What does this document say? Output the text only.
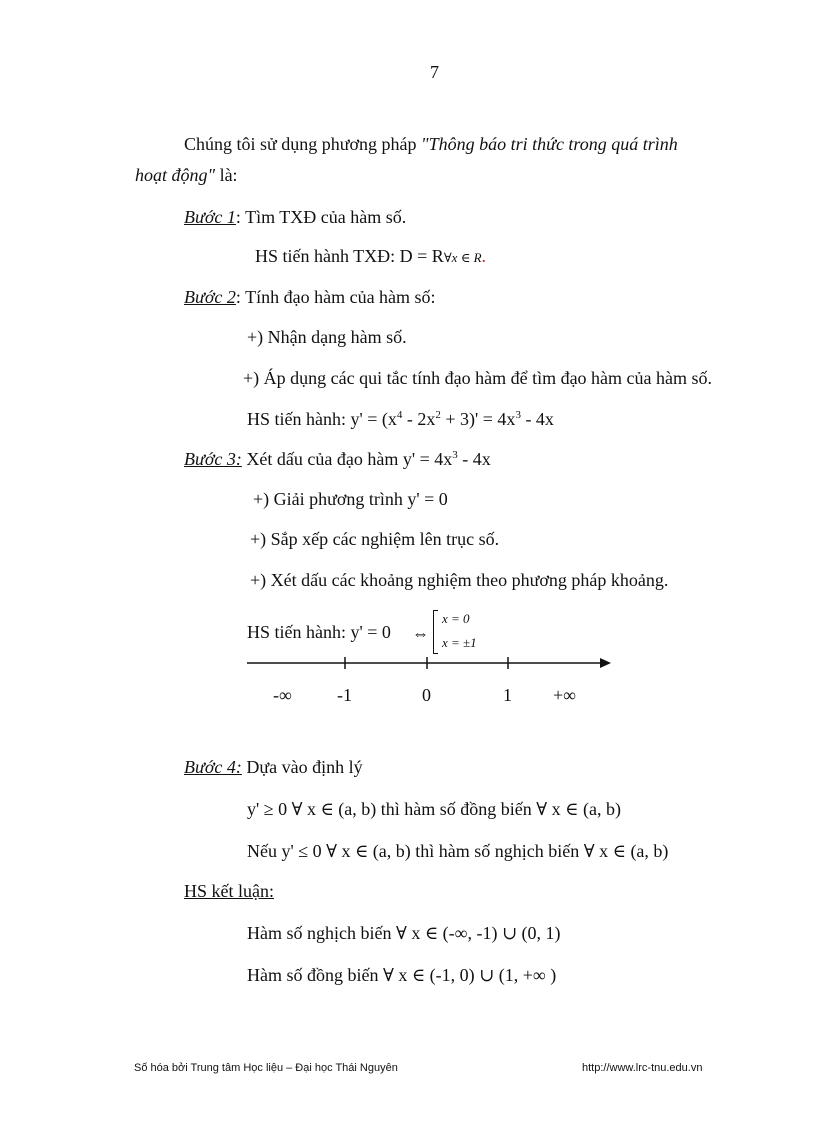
7
Chúng tôi sử dụng phương pháp "Thông báo tri thức trong quá trình
hoạt động" là:
Bước 1: Tìm TXĐ của hàm số.
HS tiến hành TXĐ: D = R∀x ∈ R.
Bước 2: Tính đạo hàm của hàm số:
+) Nhận dạng hàm số.
+) Áp dụng các qui tắc tính đạo hàm để tìm đạo hàm của hàm số.
HS tiến hành: $y' = (x^4 - 2x^2 + 3)' = 4x^3 - 4x$
Bước 3: Xét dấu của đạo hàm $y' = 4x^3 - 4x$
+) Giải phương trình y' = 0
+) Sắp xếp các nghiệm lên trục số.
+) Xét dấu các khoảng nghiệm theo phương pháp khoảng.
HS tiến hành: y' = 0 ⇔
x = 0
x = ±1
-∞	-1	0	1 +∞
Bước 4: Dựa vào định lý
y' ≥ 0 ∀ x ∈ (a, b) thì hàm số đồng biến ∀ x ∈ (a, b)
Nếu y' ≤ 0 ∀ x ∈ (a, b) thì hàm số nghịch biến ∀ x ∈ (a, b)
HS kết luận:
Hàm số nghịch biến ∀ x ∈ (-∞, -1) ∪ (0, 1)
Hàm số đồng biến ∀ x ∈ (-1, 0) ∪ (1, +∞ )
Số hóa bởi Trung tâm Học liệu – Đại học Thái Nguyên	http://www.lrc-tnu.edu.vn
